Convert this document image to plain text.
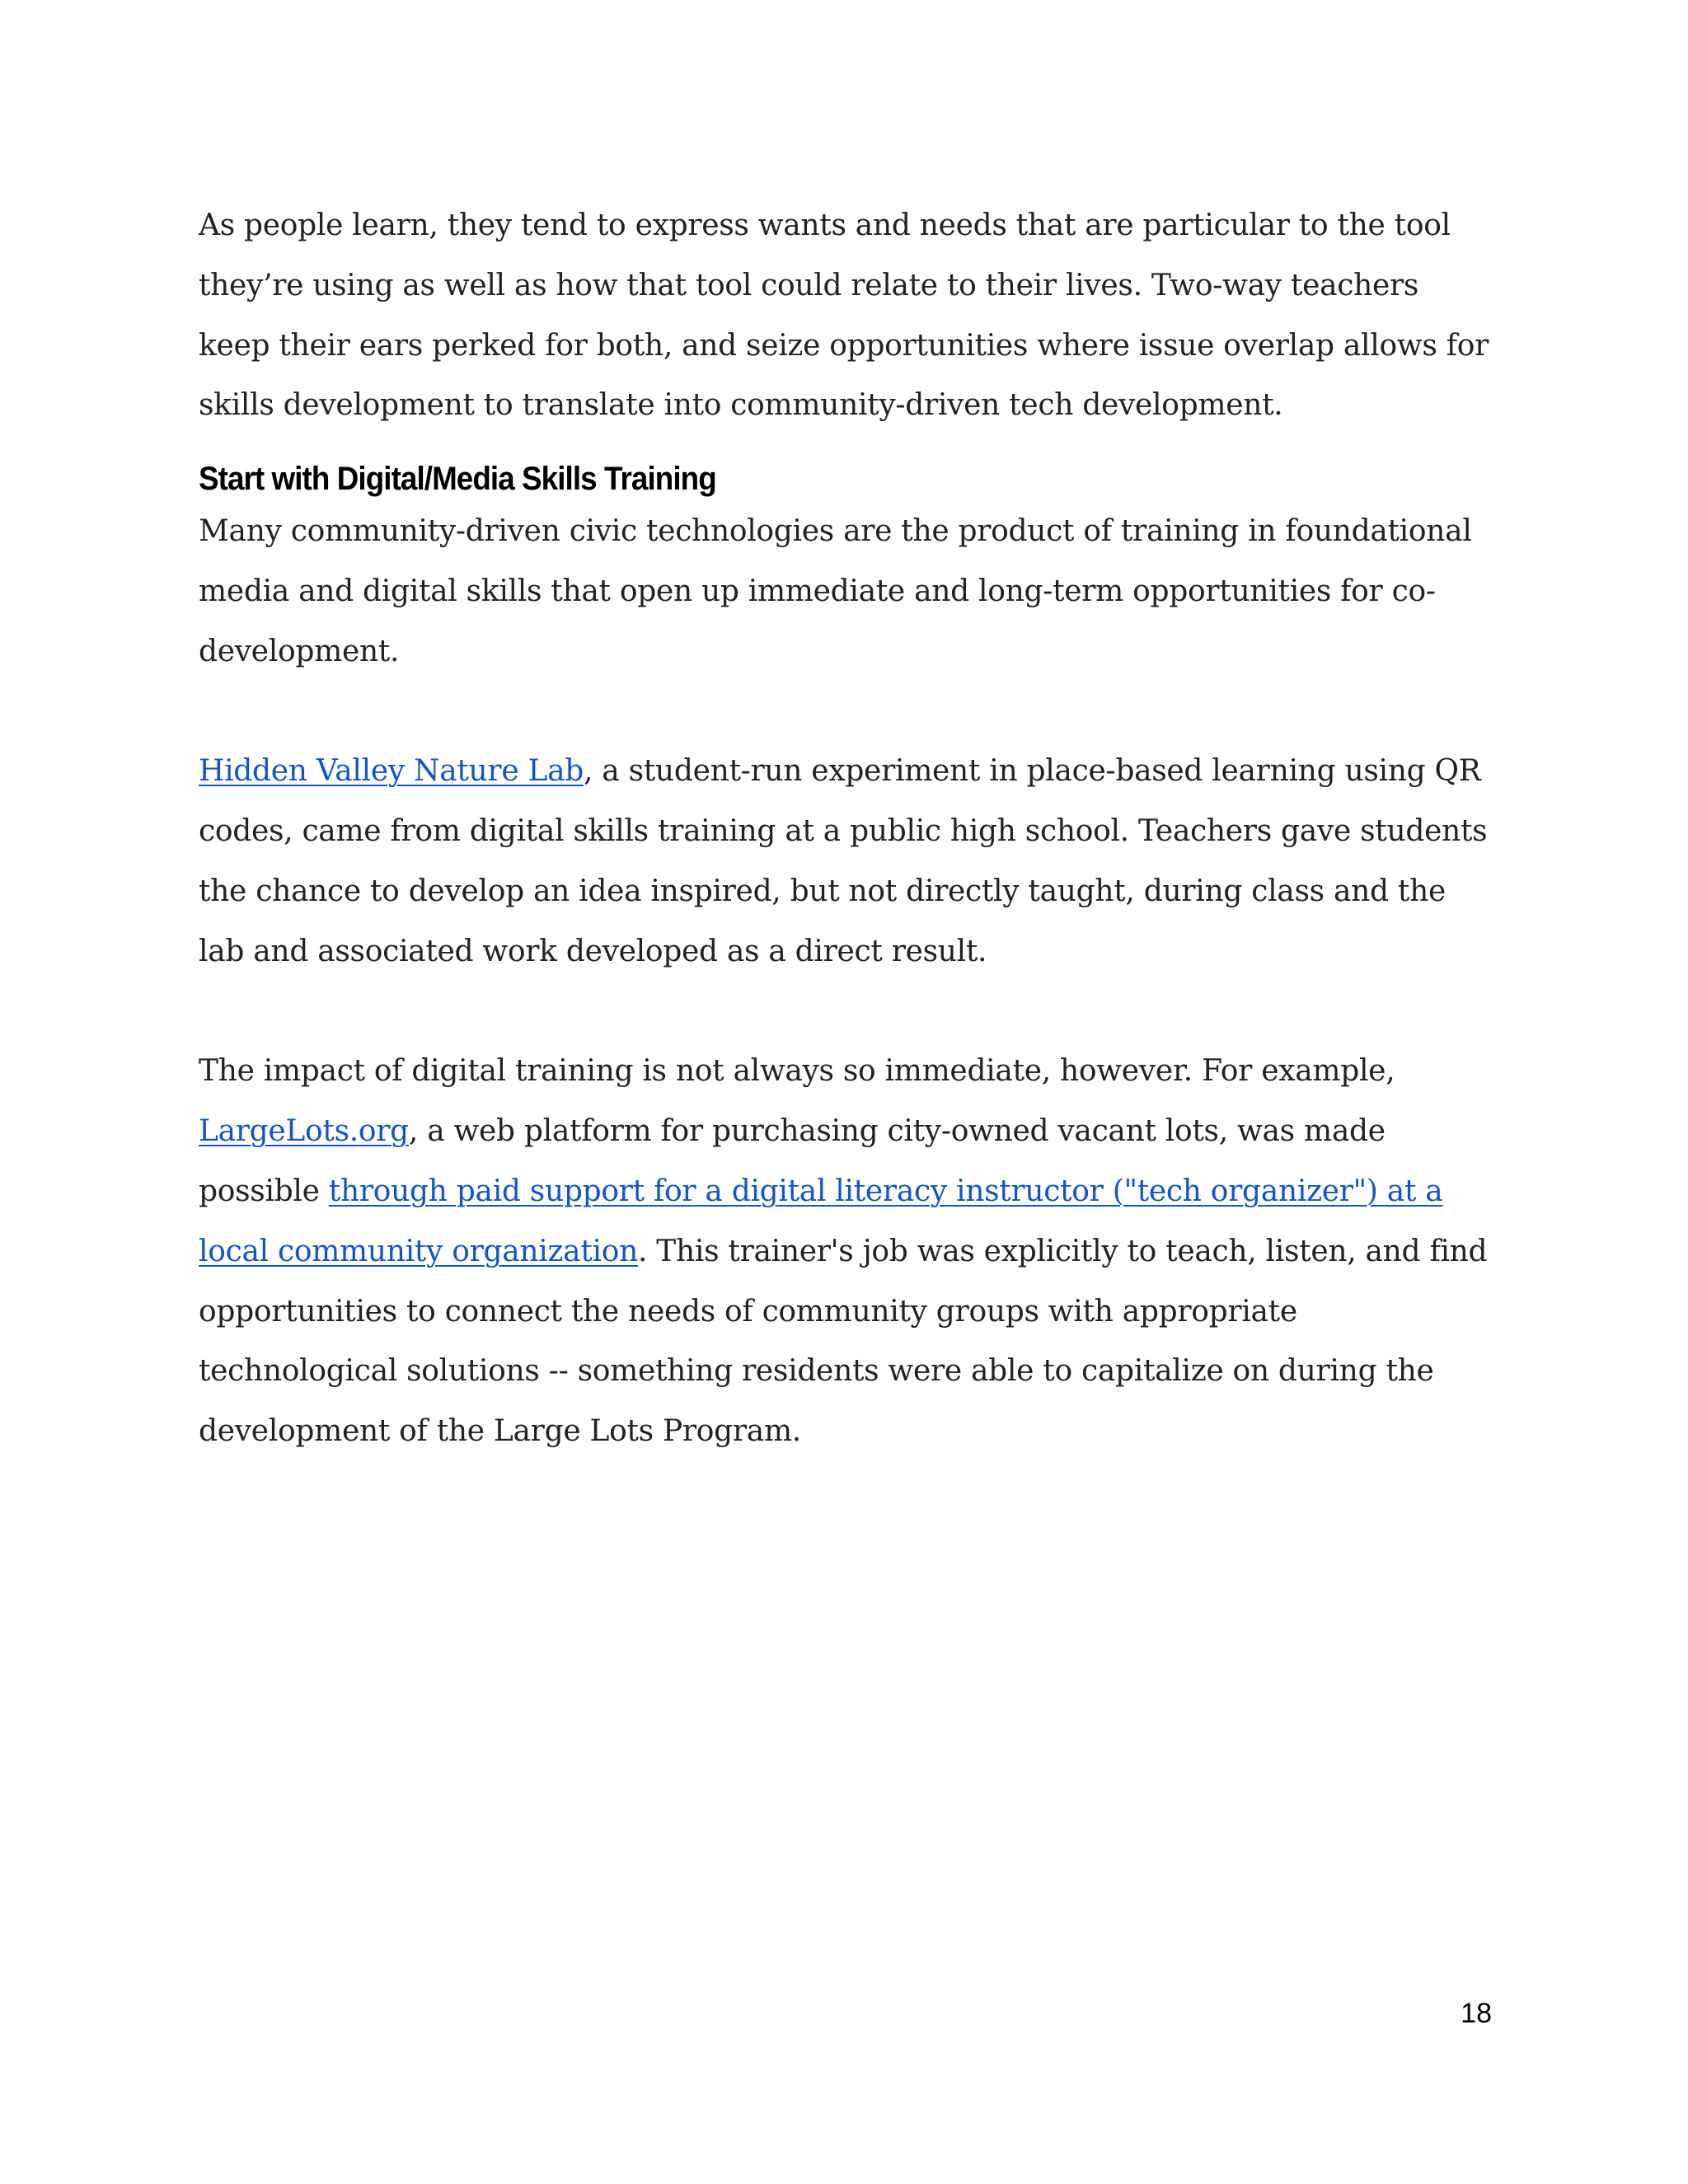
As people learn, they tend to express wants and needs that are particular to the tool they’re using as well as how that tool could relate to their lives. Two-way teachers keep their ears perked for both, and seize opportunities where issue overlap allows for skills development to translate into community-driven tech development.

Start with Digital/Media Skills Training

Many community-driven civic technologies are the product of training in foundational media and digital skills that open up immediate and long-term opportunities for co-development.

Hidden Valley Nature Lab, a student-run experiment in place-based learning using QR codes, came from digital skills training at a public high school. Teachers gave students the chance to develop an idea inspired, but not directly taught, during class and the lab and associated work developed as a direct result.

The impact of digital training is not always so immediate, however. For example, LargeLots.org, a web platform for purchasing city-owned vacant lots, was made possible through paid support for a digital literacy instructor ("tech organizer") at a local community organization. This trainer's job was explicitly to teach, listen, and find opportunities to connect the needs of community groups with appropriate technological solutions -- something residents were able to capitalize on during the development of the Large Lots Program.

18
